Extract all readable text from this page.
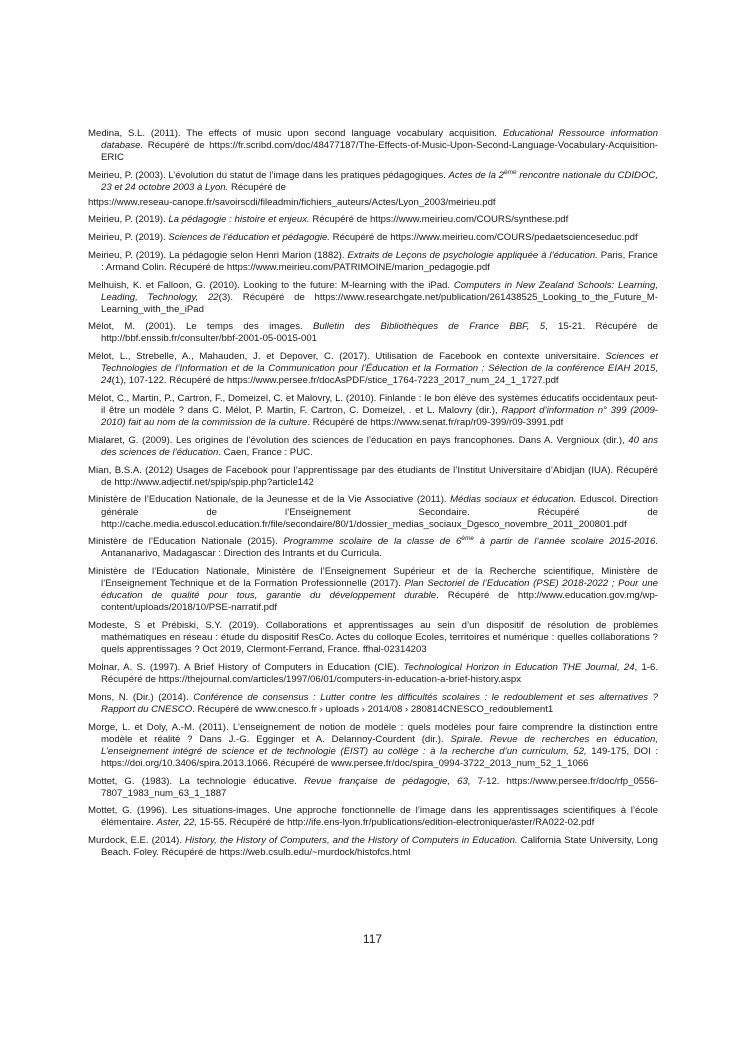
Medina, S.L. (2011). The effects of music upon second language vocabulary acquisition. Educational Ressource information database. Récupéré de https://fr.scribd.com/doc/48477187/The-Effects-of-Music-Upon-Second-Language-Vocabulary-Acquisition-ERIC

Meirieu, P. (2003). L’évolution du statut de l’image dans les pratiques pédagogiques. Actes de la 2ème rencontre nationale du CDIDOC, 23 et 24 octobre 2003 à Lyon. Récupéré de

https://www.reseau-canope.fr/savoirscdi/fileadmin/fichiers_auteurs/Actes/Lyon_2003/meirieu.pdf

Meirieu, P. (2019). La pédagogie : histoire et enjeux. Récupéré de https://www.meirieu.com/COURS/synthese.pdf

Meirieu, P. (2019). Sciences de l’éducation et pédagogie. Récupéré de https://www.meirieu.com/COURS/pedaetscienceseduc.pdf

Meirieu, P. (2019). La pédagogie selon Henri Marion (1882). Extraits de Leçons de psychologie appliquée à l’éducation. Paris, France : Armand Colin. Récupéré de https://www.meirieu.com/PATRIMOINE/marion_pedagogie.pdf

Melhuish, K. et Falloon, G. (2010). Looking to the future: M-learning with the iPad. Computers in New Zealand Schools: Learning, Leading, Technology, 22(3). Récupéré de https://www.researchgate.net/publication/261438525_Looking_to_the_Future_M-Learning_with_the_iPad

Mélot, M. (2001). Le temps des images. Bulletin des Bibliothèques de France BBF, 5, 15-21. Récupéré de http://bbf.enssib.fr/consulter/bbf-2001-05-0015-001

Mélot, L., Strebelle, A., Mahauden, J. et Depover, C. (2017). Utilisation de Facebook en contexte universitaire. Sciences et Technologies de l’Information et de la Communication pour l’Éducation et la Formation : Sélection de la conférence EIAH 2015, 24(1), 107-122. Récupéré de https://www.persee.fr/docAsPDF/stice_1764-7223_2017_num_24_1_1727.pdf

Mélot, C., Martin, P., Cartron, F., Domeizel, C. et Malovry, L. (2010). Finlande : le bon élève des systèmes éducatifs occidentaux peut-il être un modèle ? dans C. Mélot, P. Martin, F. Cartron, C. Domeizel, . et L. Malovry (dir.), Rapport d’information n° 399 (2009-2010) fait au nom de la commission de la culture. Récupéré de https://www.senat.fr/rap/r09-399/r09-3991.pdf

Mialaret, G. (2009). Les origines de l’évolution des sciences de l’éducation en pays francophones. Dans A. Vergnioux (dir.), 40 ans des sciences de l’éducation. Caen, France : PUC.

Mian, B.S.A. (2012) Usages de Facebook pour l’apprentissage par des étudiants de l’Institut Universitaire d’Abidjan (IUA). Récupéré de http://www.adjectif.net/spip/spip.php?article142

Ministère de l’Education Nationale, de la Jeunesse et de la Vie Associative (2011). Médias sociaux et éducation. Eduscol. Direction générale de l’Enseignement Secondaire. Récupéré de http://cache.media.eduscol.education.fr/file/secondaire/80/1/dossier_medias_sociaux_Dgesco_novembre_2011_200801.pdf

Ministère de l’Education Nationale (2015). Programme scolaire de la classe de 6ème à partir de l’année scolaire 2015-2016. Antananarivo, Madagascar : Direction des Intrants et du Curricula.

Ministère de l’Education Nationale, Ministère de l’Enseignement Supérieur et de la Recherche scientifique, Ministère de l’Enseignement Technique et de la Formation Professionnelle (2017). Plan Sectoriel de l’Education (PSE) 2018-2022 ; Pour une éducation de qualité pour tous, garantie du développement durable. Récupéré de http://www.education.gov.mg/wp-content/uploads/2018/10/PSE-narratif.pdf

Modeste, S et Prébiski, S.Y. (2019). Collaborations et apprentissages au sein d’un dispositif de résolution de problèmes mathématiques en réseau : étude du dispositif ResCo. Actes du colloque Ecoles, territoires et numérique : quelles collaborations ? quels apprentissages ? Oct 2019, Clermont-Ferrand, France. ffhal-02314203

Molnar, A. S. (1997). A Brief History of Computers in Education (CIE). Technological Horizon in Education THE Journal, 24, 1-6. Récupéré de https://thejournal.com/articles/1997/06/01/computers-in-education-a-brief-history.aspx

Mons, N. (Dir.) (2014). Conférence de consensus : Lutter contre les difficultés scolaires : le redoublement et ses alternatives ? Rapport du CNESCO. Récupéré de www.cnesco.fr › uploads › 2014/08 › 280814CNESCO_redoublement1

Morge, L. et Doly, A.-M. (2011). L’enseignement de notion de modèle : quels modèles pour faire comprendre la distinction entre modèle et réalité ? Dans J.-G. Egginger et A. Delannoy-Courdent (dir.). Spirale. Revue de recherches en éducation, L’enseignement intégré de science et de technologie (EIST) au collège : à la recherche d’un curriculum, 52, 149-175, DOI : https://doi.org/10.3406/spira.2013.1066. Récupéré de www.persee.fr/doc/spira_0994-3722_2013_num_52_1_1066

Mottet, G. (1983). La technologie éducative. Revue française de pédagogie, 63, 7-12. https://www.persee.fr/doc/rfp_0556-7807_1983_num_63_1_1887

Mottet, G. (1996). Les situations-images. Une approche fonctionnelle de l’image dans les apprentissages scientifiques à l’école élémentaire. Aster, 22, 15-55. Récupéré de http://ife.ens-lyon.fr/publications/edition-electronique/aster/RA022-02.pdf

Murdock, E.E. (2014). History, the History of Computers, and the History of Computers in Education. California State University, Long Beach. Foley. Récupéré de https://web.csulb.edu/~murdock/histofcs.html

117
